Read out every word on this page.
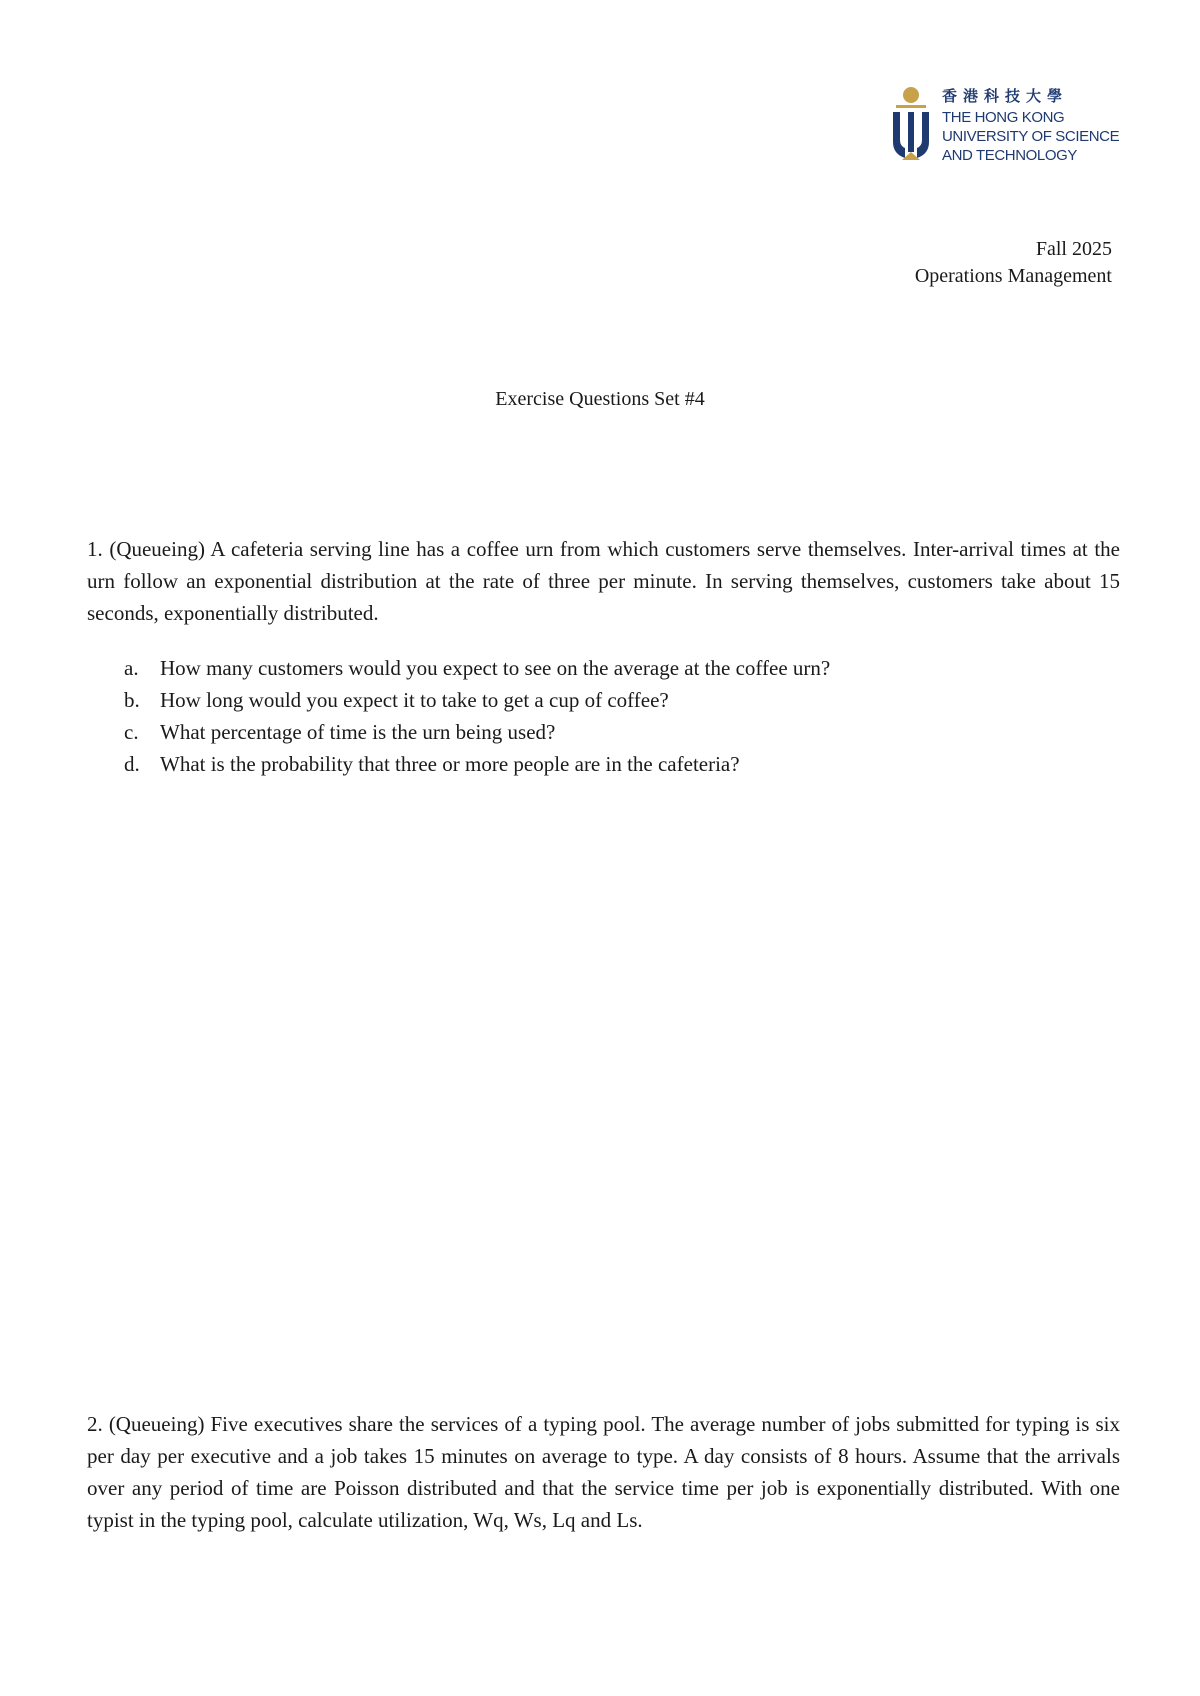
香港科技大學
THE HONG KONG
UNIVERSITY OF SCIENCE
AND TECHNOLOGY
Fall 2025
Operations Management
Exercise Questions Set #4

1. (Queueing) A cafeteria serving line has a coffee urn from which customers serve themselves. Inter-arrival times at the urn follow an exponential distribution at the rate of three per minute. In serving themselves, customers take about 15 seconds, exponentially distributed.

a. How many customers would you expect to see on the average at the coffee urn?
b. How long would you expect it to take to get a cup of coffee?
c. What percentage of time is the urn being used?
d. What is the probability that three or more people are in the cafeteria?

2. (Queueing) Five executives share the services of a typing pool. The average number of jobs submitted for typing is six per day per executive and a job takes 15 minutes on average to type. A day consists of 8 hours. Assume that the arrivals over any period of time are Poisson distributed and that the service time per job is exponentially distributed. With one typist in the typing pool, calculate utilization, Wq, Ws, Lq and Ls.
